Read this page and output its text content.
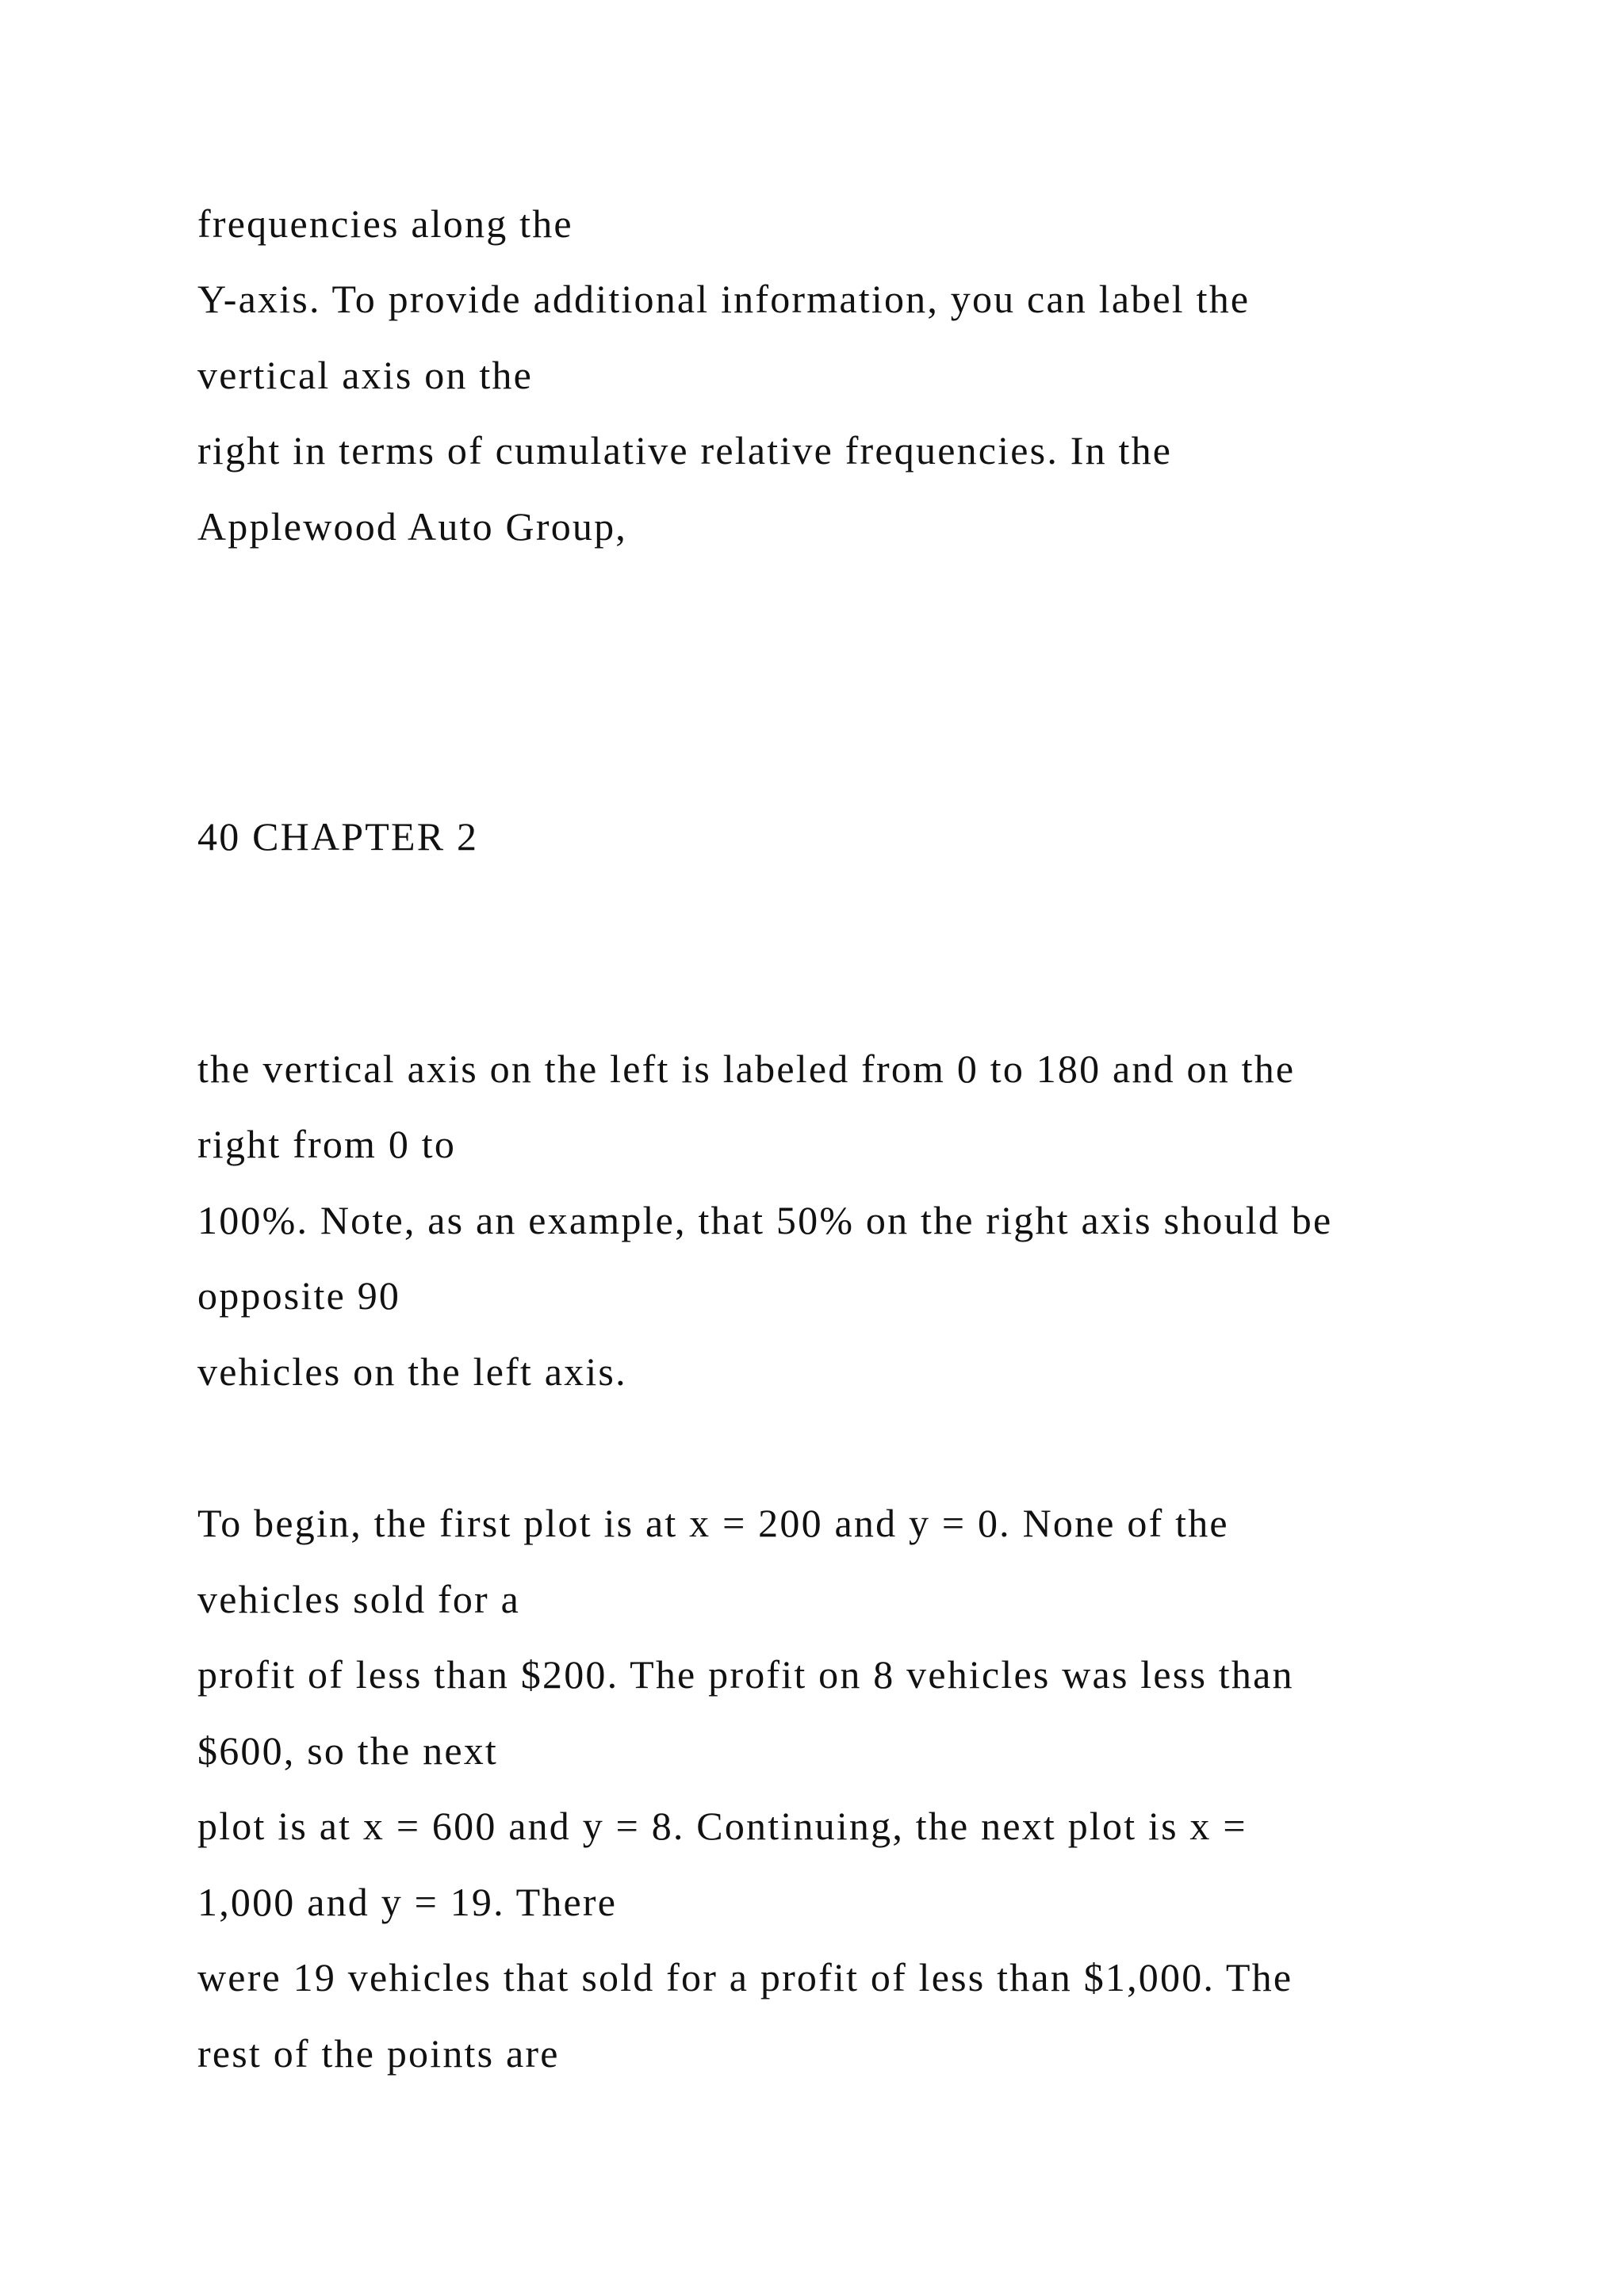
frequencies along the

Y-axis. To provide additional information, you can label the

vertical axis on the

right in terms of cumulative relative frequencies. In the

Applewood Auto Group,

40 CHAPTER 2

the vertical axis on the left is labeled from 0 to 180 and on the

right from 0 to

100%. Note, as an example, that 50% on the right axis should be

opposite 90

vehicles on the left axis.

To begin, the first plot is at x = 200 and y = 0. None of the

vehicles sold for a

profit of less than $200. The profit on 8 vehicles was less than

$600, so the next

plot is at x = 600 and y = 8. Continuing, the next plot is x =

1,000 and y = 19. There

were 19 vehicles that sold for a profit of less than $1,000. The

rest of the points are
